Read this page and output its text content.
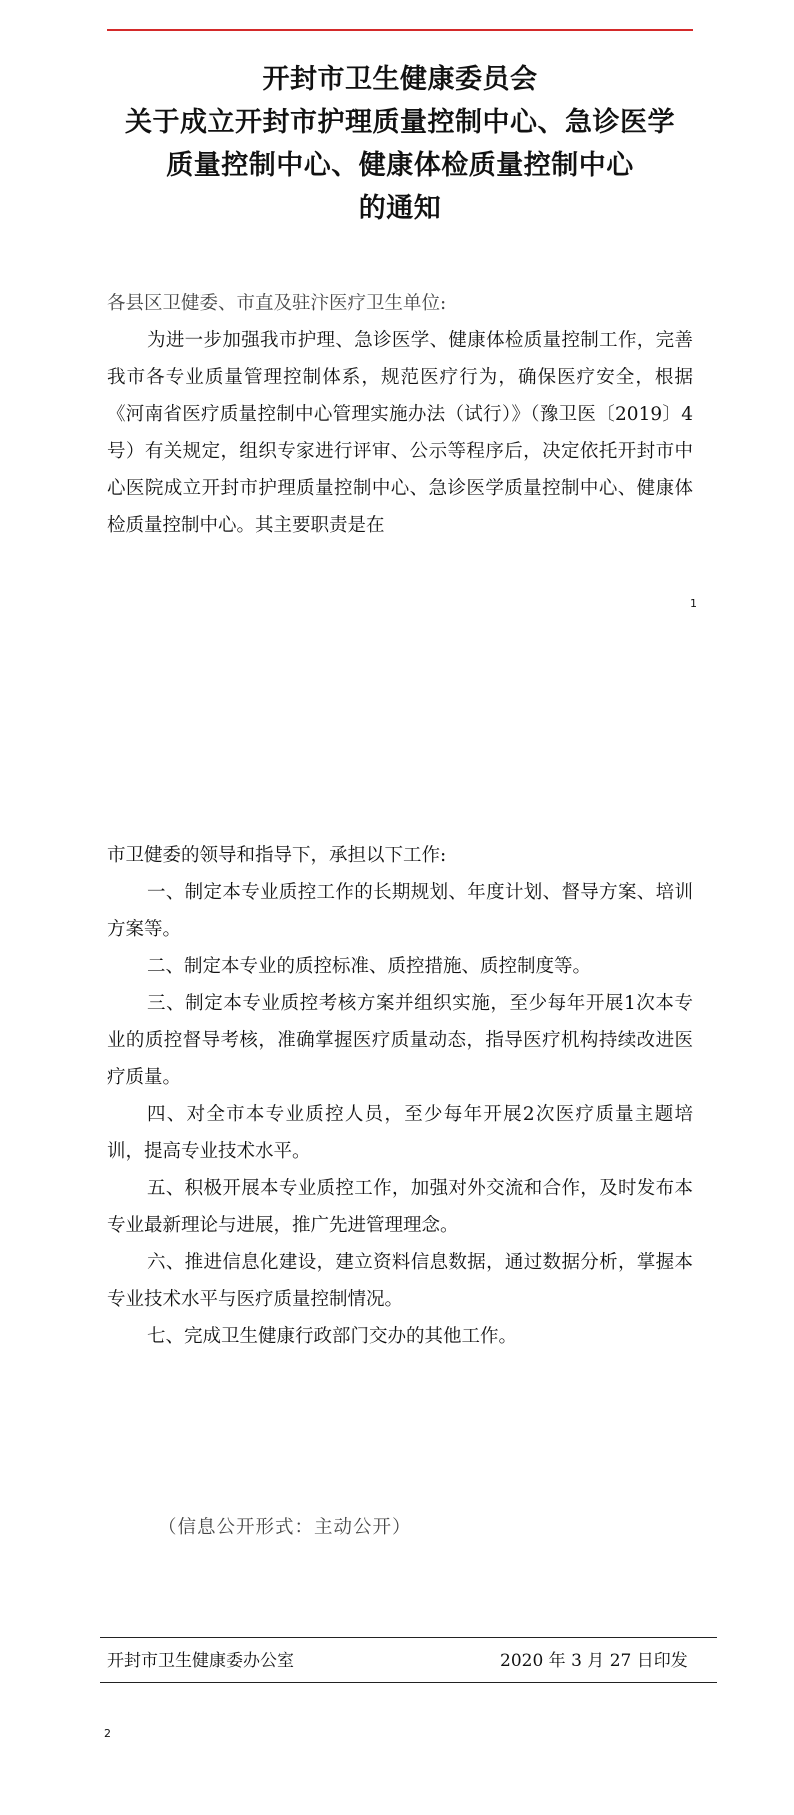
开封市卫生健康委员会
关于成立开封市护理质量控制中心、急诊医学
质量控制中心、健康体检质量控制中心
的通知
各县区卫健委、市直及驻汴医疗卫生单位:
为进一步加强我市护理、急诊医学、健康体检质量控制工作，完善我市各专业质量管理控制体系，规范医疗行为，确保医疗安全，根据《河南省医疗质量控制中心管理实施办法（试行）》（豫卫医〔2019〕4号）有关规定，组织专家进行评审、公示等程序后，决定依托开封市中心医院成立开封市护理质量控制中心、急诊医学质量控制中心、健康体检质量控制中心。其主要职责是在
1

市卫健委的领导和指导下，承担以下工作:

一、制定本专业质控工作的长期规划、年度计划、督导方案、培训方案等。

二、制定本专业的质控标准、质控措施、质控制度等。

三、制定本专业质控考核方案并组织实施，至少每年开展1次本专业的质控督导考核，准确掌握医疗质量动态，指导医疗机构持续改进医疗质量。

四、对全市本专业质控人员，至少每年开展2次医疗质量主题培训，提高专业技术水平。

五、积极开展本专业质控工作，加强对外交流和合作，及时发布本专业最新理论与进展，推广先进管理理念。

六、推进信息化建设，建立资料信息数据，通过数据分析，掌握本专业技术水平与医疗质量控制情况。

七、完成卫生健康行政部门交办的其他工作。

（信息公开形式：主动公开）
开封市卫生健康委办公室	2020 年 3 月 27 日印发
2
